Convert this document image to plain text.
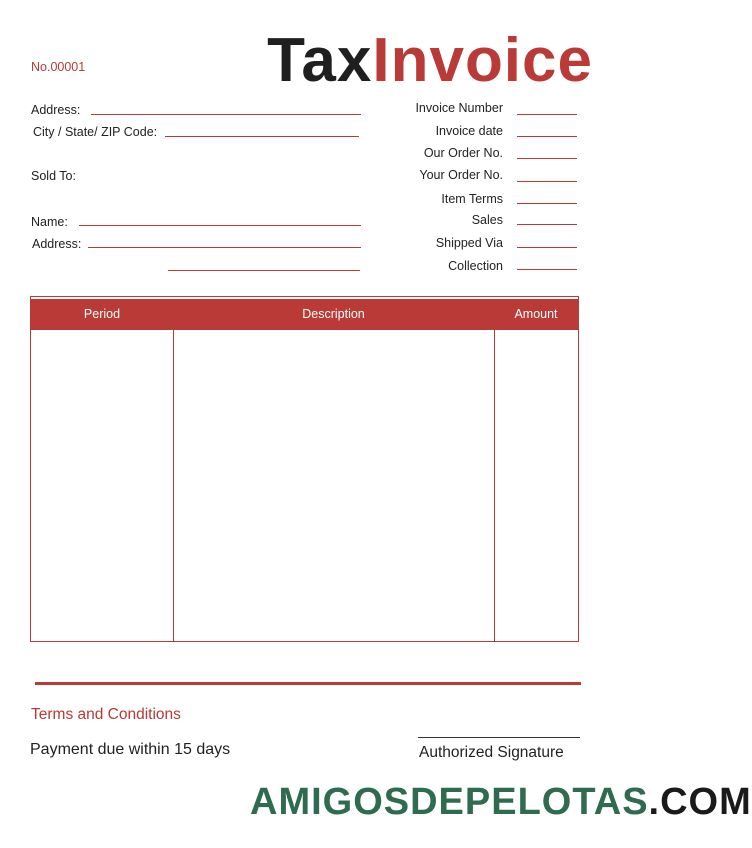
No.00001	TaxInvoice
Address:
City / State/ ZIP Code:
Sold To:
Name:
Address:
Invoice Number
Invoice date
Our Order No.
Your Order No.
Item Terms
Sales
Shipped Via
Collection
Period	Description	Amount
Terms and Conditions
Payment due within 15 days	Authorized Signature
AMIGOSDEPELOTAS.COM
